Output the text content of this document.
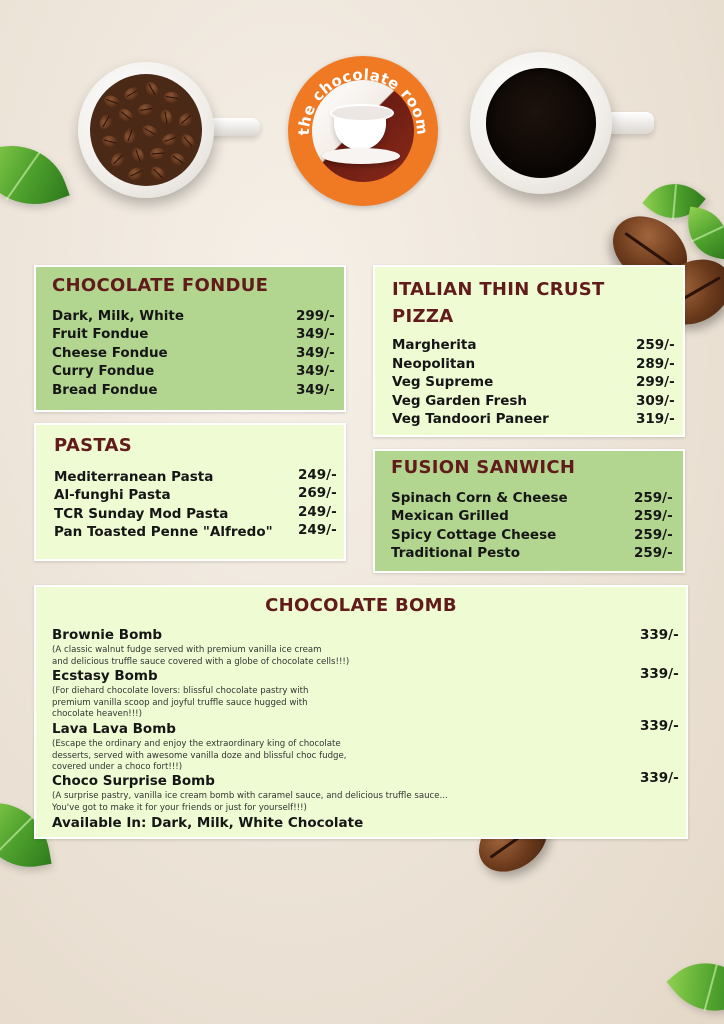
the chocolate room
CHOCOLATE FONDUE
Dark, Milk, White	299/-
Fruit Fondue	349/-
Cheese Fondue	349/-
Curry Fondue	349/-
Bread Fondue	349/-
ITALIAN THIN CRUST
PIZZA
Margherita	259/-
Neopolitan	289/-
Veg Supreme	299/-
Veg Garden Fresh	309/-
Veg Tandoori Paneer	319/-
PASTAS
Mediterranean Pasta	249/-
Al-funghi Pasta	269/-
TCR Sunday Mod Pasta	249/-
Pan Toasted Penne "Alfredo" 249/-
FUSION SANWICH
Spinach Corn & Cheese	259/-
Mexican Grilled	259/-
Spicy Cottage Cheese	259/-
Traditional Pesto	259/-
CHOCOLATE BOMB
Brownie Bomb	339/-
(A classic walnut fudge served with premium vanilla ice cream
and delicious truffle sauce covered with a globe of chocolate cells!!!)
Ecstasy Bomb	339/-
(For diehard chocolate lovers: blissful chocolate pastry with
premium vanilla scoop and joyful truffle sauce hugged with
chocolate heaven!!!)
Lava Lava Bomb	339/-
(Escape the ordinary and enjoy the extraordinary king of chocolate
desserts, served with awesome vanilla doze and blissful choc fudge,
covered under a choco fort!!!)
Choco Surprise Bomb	339/-
(A surprise pastry, vanilla ice cream bomb with caramel sauce, and delicious truffle sauce...
You've got to make it for your friends or just for yourself!!!)
Available In: Dark, Milk, White Chocolate
